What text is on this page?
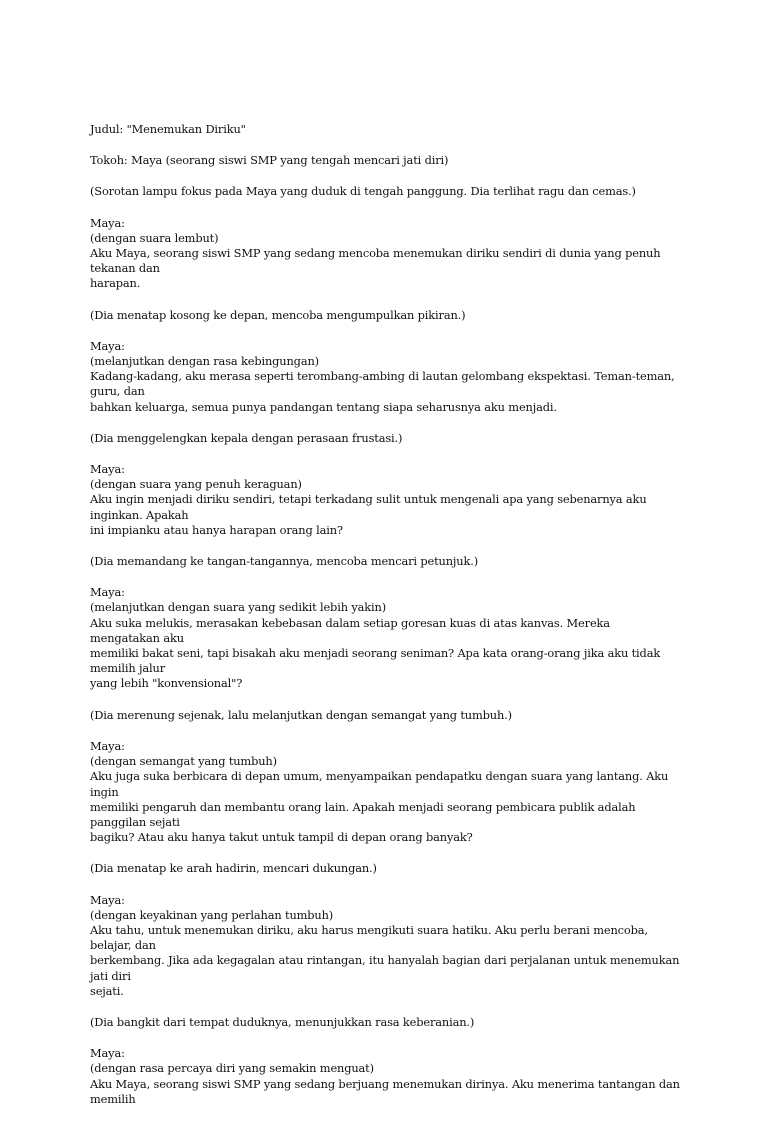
Judul: "Menemukan Diriku"

Tokoh: Maya (seorang siswi SMP yang tengah mencari jati diri)

(Sorotan lampu fokus pada Maya yang duduk di tengah panggung. Dia terlihat ragu dan cemas.)

Maya:
(dengan suara lembut)
Aku Maya, seorang siswi SMP yang sedang mencoba menemukan diriku sendiri di dunia yang penuh tekanan dan
harapan.

(Dia menatap kosong ke depan, mencoba mengumpulkan pikiran.)

Maya:
(melanjutkan dengan rasa kebingungan)
Kadang-kadang, aku merasa seperti terombang-ambing di lautan gelombang ekspektasi. Teman-teman, guru, dan
bahkan keluarga, semua punya pandangan tentang siapa seharusnya aku menjadi.

(Dia menggelengkan kepala dengan perasaan frustasi.)

Maya:
(dengan suara yang penuh keraguan)
Aku ingin menjadi diriku sendiri, tetapi terkadang sulit untuk mengenali apa yang sebenarnya aku inginkan. Apakah
ini impianku atau hanya harapan orang lain?

(Dia memandang ke tangan-tangannya, mencoba mencari petunjuk.)

Maya:
(melanjutkan dengan suara yang sedikit lebih yakin)
Aku suka melukis, merasakan kebebasan dalam setiap goresan kuas di atas kanvas. Mereka mengatakan aku
memiliki bakat seni, tapi bisakah aku menjadi seorang seniman? Apa kata orang-orang jika aku tidak memilih jalur
yang lebih "konvensional"?

(Dia merenung sejenak, lalu melanjutkan dengan semangat yang tumbuh.)

Maya:
(dengan semangat yang tumbuh)
Aku juga suka berbicara di depan umum, menyampaikan pendapatku dengan suara yang lantang. Aku ingin
memiliki pengaruh dan membantu orang lain. Apakah menjadi seorang pembicara publik adalah panggilan sejati
bagiku? Atau aku hanya takut untuk tampil di depan orang banyak?

(Dia menatap ke arah hadirin, mencari dukungan.)

Maya:
(dengan keyakinan yang perlahan tumbuh)
Aku tahu, untuk menemukan diriku, aku harus mengikuti suara hatiku. Aku perlu berani mencoba, belajar, dan
berkembang. Jika ada kegagalan atau rintangan, itu hanyalah bagian dari perjalanan untuk menemukan jati diri
sejati.

(Dia bangkit dari tempat duduknya, menunjukkan rasa keberanian.)

Maya:
(dengan rasa percaya diri yang semakin menguat)
Aku Maya, seorang siswi SMP yang sedang berjuang menemukan dirinya. Aku menerima tantangan dan memilih
